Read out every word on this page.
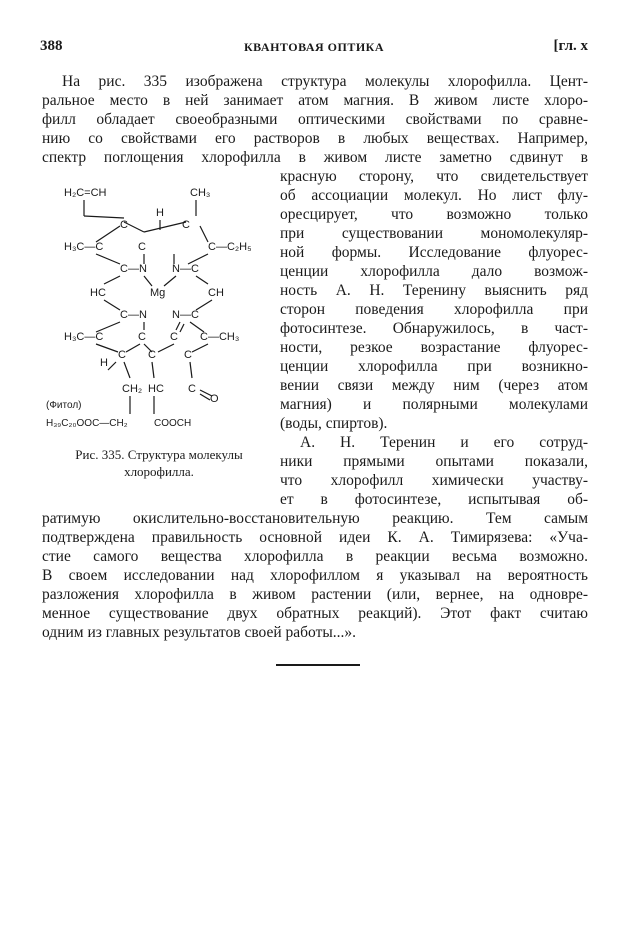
388	КВАНТОВАЯ ОПТИКА	[гл. x
На рис. 335 изображена структура молекулы хлорофилла. Цент-
ральное место в ней занимает атом магния. В живом листе хлоро-
филл обладает своеобразными оптическими свойствами по сравне-
нию со свойствами его растворов в любых веществах. Например,
спектр поглощения хлорофилла в живом листе заметно сдвинут в
красную сторону, что свидетельствует
об ассоциации молекул. Но лист флу-
оресцирует, что возможно только
при существовании мономолекуляр-
ной формы. Исследование флуорес-
ценции хлорофилла дало возмож-
ность А. Н. Теренину выяснить ряд
сторон поведения хлорофилла при
фотосинтезе. Обнаружилось, в част-
ности, резкое возрастание флуорес-
ценции хлорофилла при возникно-
вении связи между ним (через атом
магния) и полярными молекулами
(воды, спиртов).
А. Н. Теренин и его сотруд-
ники прямыми опытами показали,
что хлорофилл химически участву-
ет в фотосинтезе, испытывая об-
ратимую окислительно-восстановительную реакцию. Тем самым
подтверждена правильность основной идеи К. А. Тимирязева: «Уча-
стие самого вещества хлорофилла в реакции весьма возможно.
В своем исследовании над хлорофиллом я указывал на вероятность
разложения хлорофилла в живом растении (или, вернее, на одновре-
менное существование двух обратных реакций). Этот факт считаю
одним из главных результатов своей работы...».
H₂C=CH	CH₃
H
C	C
H₃C—C	C	C—C₂H₅
C—N N—C
HC	Mg	CH
C—N N—C
H₃C—C	C C C—CH₃
H
C C	C
CH₂ HC C
O
(Фитол)
H₃₉C₂₀OOC—CH₂	COOCH
Рис. 335. Структура молекулы
хлорофилла.
